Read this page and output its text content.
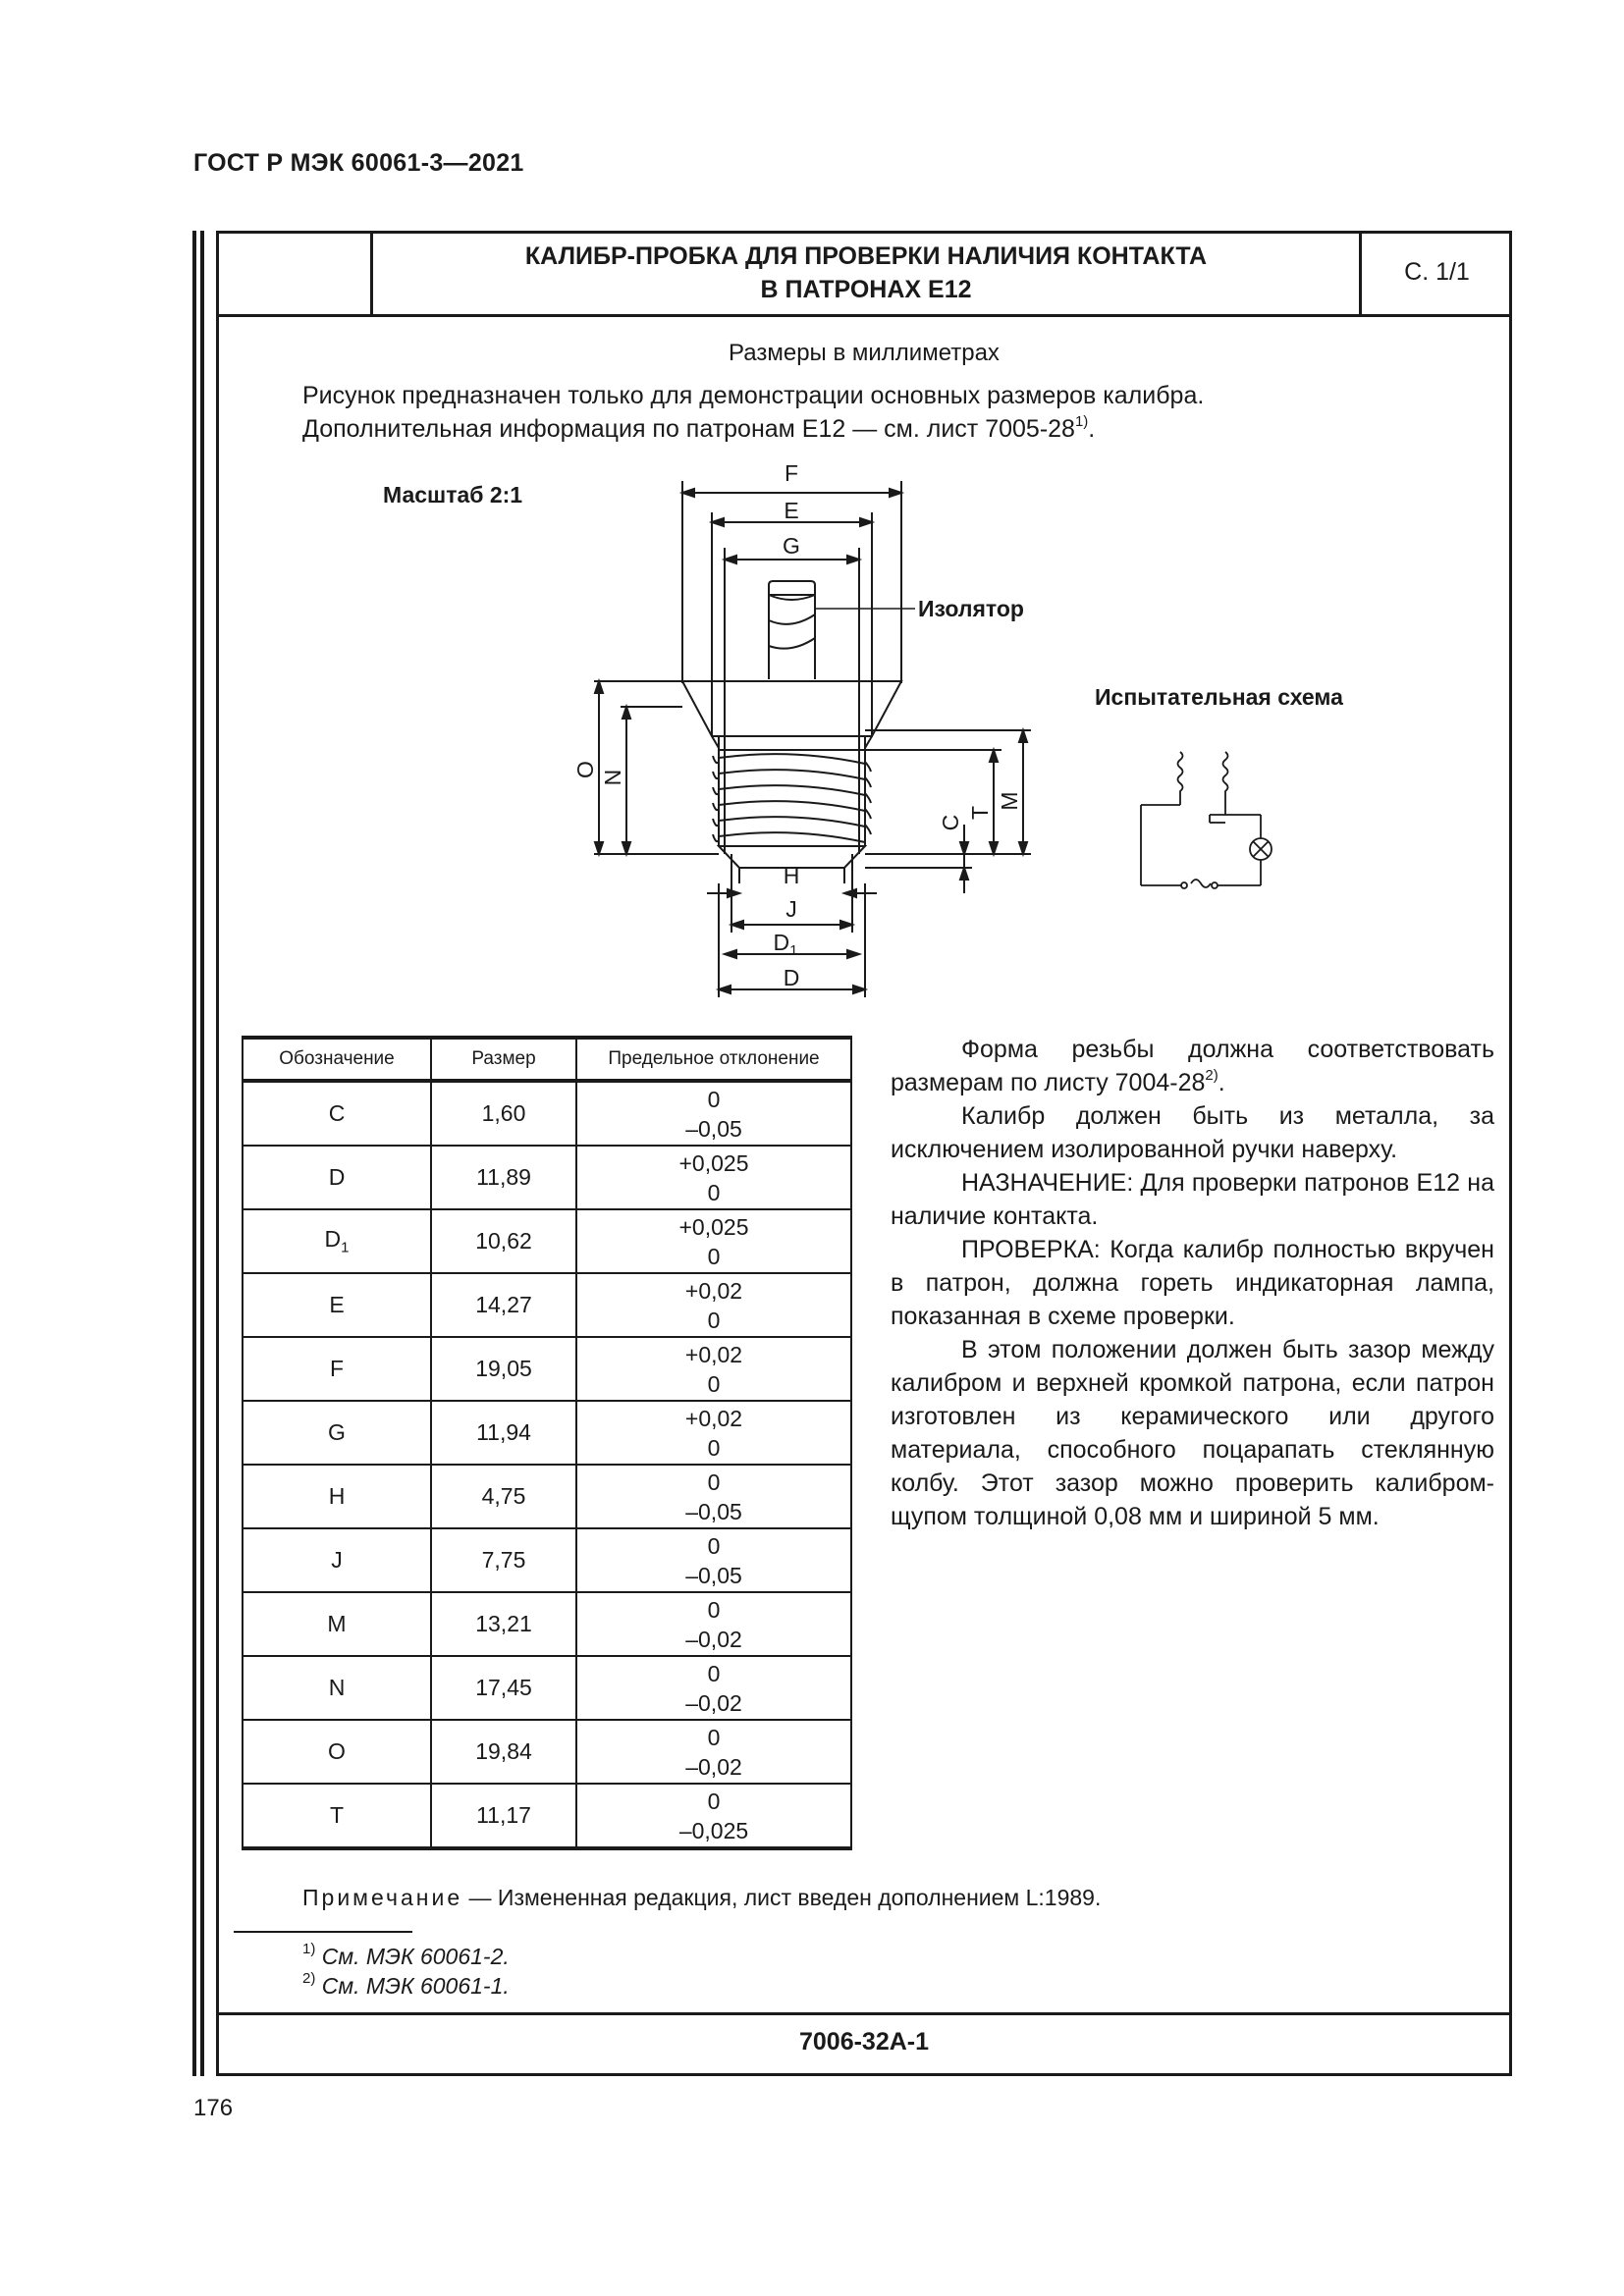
ГОСТ Р МЭК 60061-3—2021
КАЛИБР-ПРОБКА ДЛЯ ПРОВЕРКИ НАЛИЧИЯ КОНТАКТА
В ПАТРОНАХ Е12
С. 1/1
Размеры в миллиметрах
Рисунок предназначен только для демонстрации основных размеров калибра.
Дополнительная информация по патронам Е12 — см. лист 7005-28$^{1)}$.
Масштаб 2:1
F
E
G
Изолятор
O N
M
T
C
H
J
$D_1$
D
Испытательная схема
Обозначение	Размер	Предельное отклонение
C	1,60	0
–0,05

D	11,89	+0,025
0

$D_1$	10,62	+0,025
0

E	14,27	+0,02
0

F	19,05	+0,02
0

G	11,94	+0,02
0

H	4,75	0
–0,05

J	7,75	0
–0,05

M	13,21	0
–0,02

N	17,45	0
–0,02

O	19,84	0
–0,02

T	11,17	0
–0,025

Форма резьбы должна соответствовать размерам по листу 7004-28$^{2)}$.

Калибр должен быть из металла, за исключением изолированной ручки наверху.

НАЗНАЧЕНИЕ: Для проверки патронов Е12 на наличие контакта.

ПРОВЕРКА: Когда калибр полностью вкручен в патрон, должна гореть индикаторная лампа, показанная в схеме проверки.

В этом положении должен быть зазор между калибром и верхней кромкой патрона, если патрон изготовлен из керамического или другого материала, способного поцарапать стеклянную колбу. Этот зазор можно проверить калибром-щупом толщиной 0,08 мм и шириной 5 мм.

Примечание — Измененная редакция, лист введен дополнением L:1989.
$^{1)}$ См. МЭК 60061-2.
$^{2)}$ См. МЭК 60061-1.
7006-32А-1
176
